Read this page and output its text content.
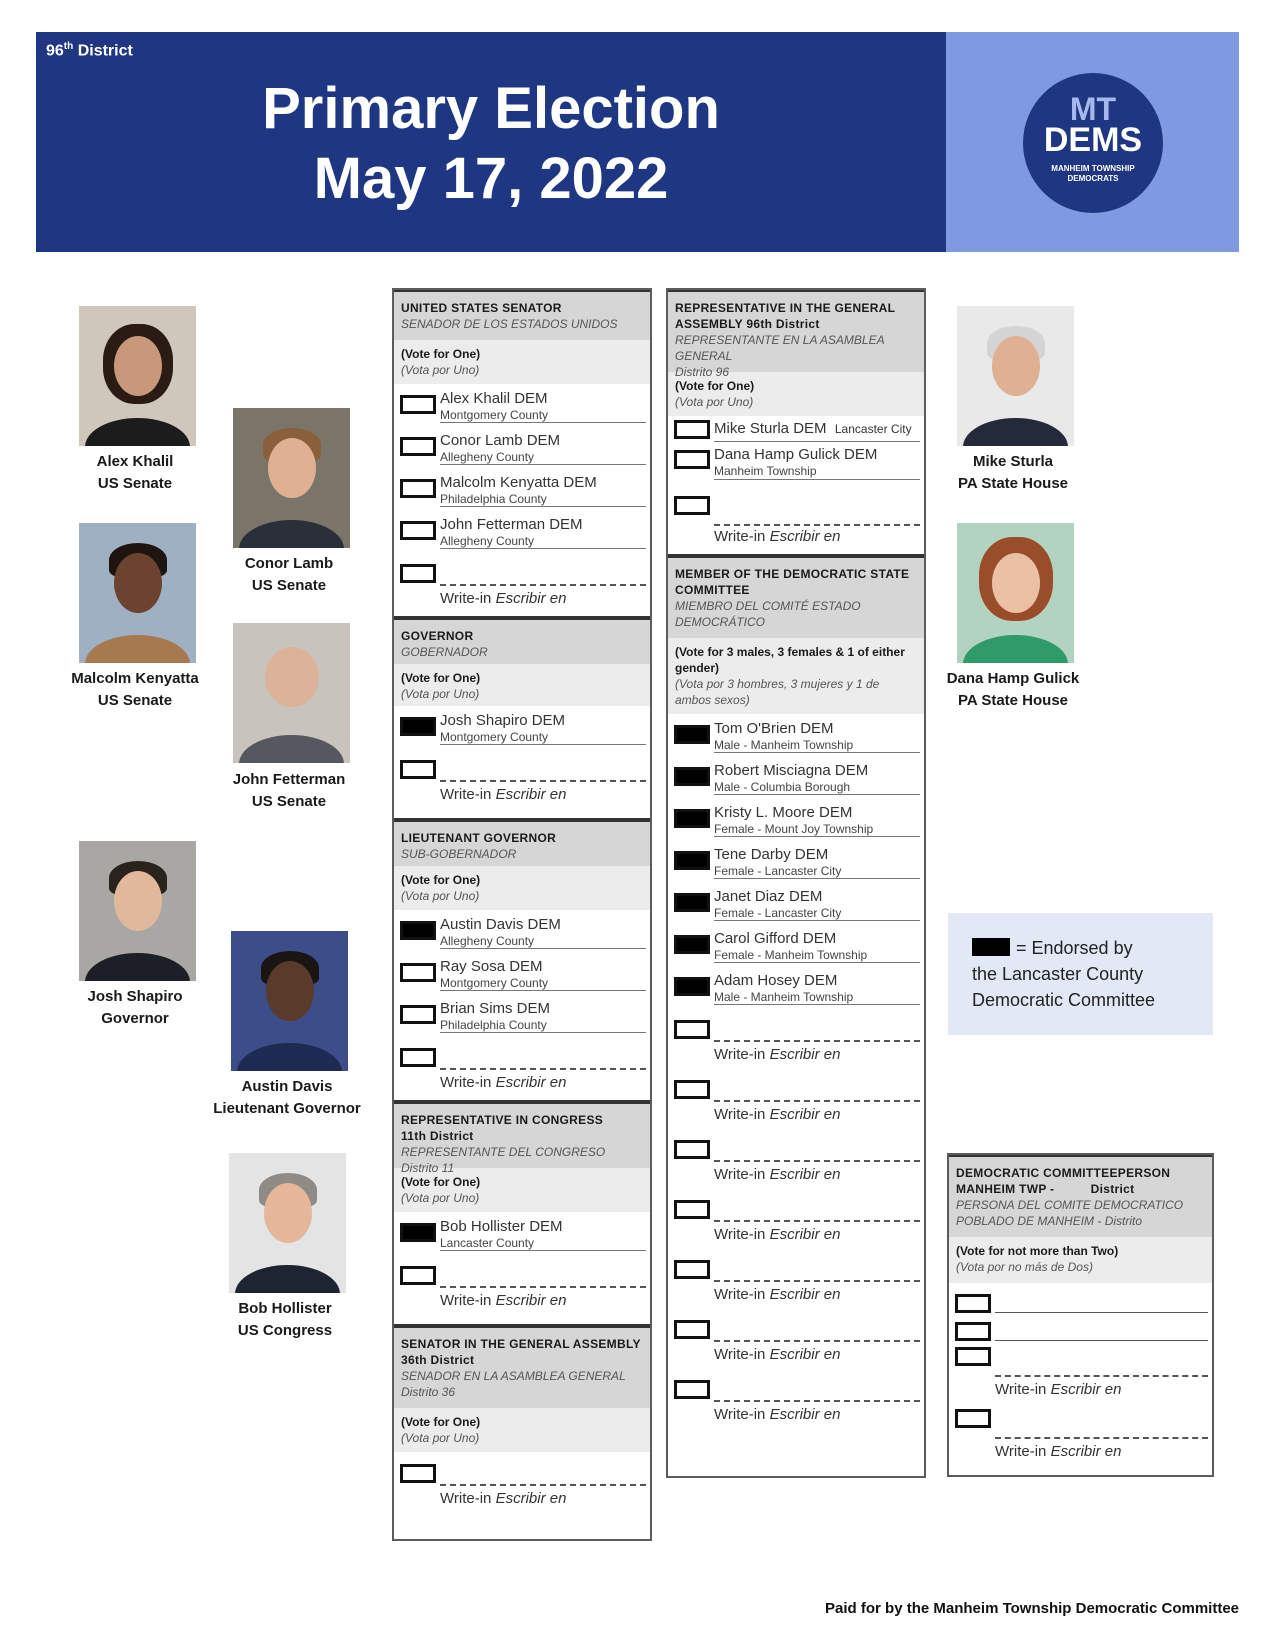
96th District
Primary Election
May 17, 2022
MT
DEMS
MANHEIM TOWNSHIP
DEMOCRATS
Alex Khalil
US Senate
Conor Lamb
US Senate
Malcolm Kenyatta
US Senate
John Fetterman
US Senate
Josh Shapiro
Governor
Austin Davis
Lieutenant Governor
Bob Hollister
US Congress
Mike Sturla
PA State House
Dana Hamp Gulick
PA State House
UNITED STATES SENATOR
SENADOR DE LOS ESTADOS UNIDOS
(Vote for One)
(Vota por Uno)
Alex Khalil DEM
Montgomery County
Conor Lamb DEM
Allegheny County
Malcolm Kenyatta DEM
Philadelphia County
John Fetterman DEM
Allegheny County
Write-in Escribir en
GOVERNOR
GOBERNADOR
(Vote for One)
(Vota por Uno)
Josh Shapiro DEM
Montgomery County
Write-in Escribir en
LIEUTENANT GOVERNOR
SUB-GOBERNADOR
(Vote for One)
(Vota por Uno)
Austin Davis DEM
Allegheny County
Ray Sosa DEM
Montgomery County
Brian Sims DEM
Philadelphia County
Write-in Escribir en
REPRESENTATIVE IN CONGRESS
11th District
REPRESENTANTE DEL CONGRESO Distrito 11
(Vote for One)
(Vota por Uno)
Bob Hollister DEM
Lancaster County
Write-in Escribir en
SENATOR IN THE GENERAL ASSEMBLY
36th District
SENADOR EN LA ASAMBLEA GENERAL
Distrito 36
(Vote for One)
(Vota por Uno)
Write-in Escribir en
REPRESENTATIVE IN THE GENERAL
ASSEMBLY 96th District
REPRESENTANTE EN LA ASAMBLEA GENERAL
Distrito 96
(Vote for One)
(Vota por Uno)
Mike Sturla DEM Lancaster City
Dana Hamp Gulick DEM
Manheim Township
Write-in Escribir en
MEMBER OF THE DEMOCRATIC STATE
COMMITTEE
MIEMBRO DEL COMITÉ ESTADO
DEMOCRÁTICO
(Vote for 3 males, 3 females & 1 of either gender)
(Vota por 3 hombres, 3 mujeres y 1 de ambos sexos)
Tom O'Brien DEM
Male - Manheim Township
Robert Misciagna DEM
Male - Columbia Borough
Kristy L. Moore DEM
Female - Mount Joy Township
Tene Darby DEM
Female - Lancaster City
Janet Diaz DEM
Female - Lancaster City
Carol Gifford DEM
Female - Manheim Township
Adam Hosey DEM
Male - Manheim Township
Write-in Escribir en
Write-in Escribir en
Write-in Escribir en
Write-in Escribir en
Write-in Escribir en
Write-in Escribir en
Write-in Escribir en
= Endorsed by
the Lancaster County
Democratic Committee
DEMOCRATIC COMMITTEEPERSON
MANHEIM TWP -          District
PERSONA DEL COMITE DEMOCRATICO
POBLADO DE MANHEIM - Distrito
(Vote for not more than Two)
(Vota por no más de Dos)
Write-in Escribir en
Write-in Escribir en
Paid for by the Manheim Township Democratic Committee
